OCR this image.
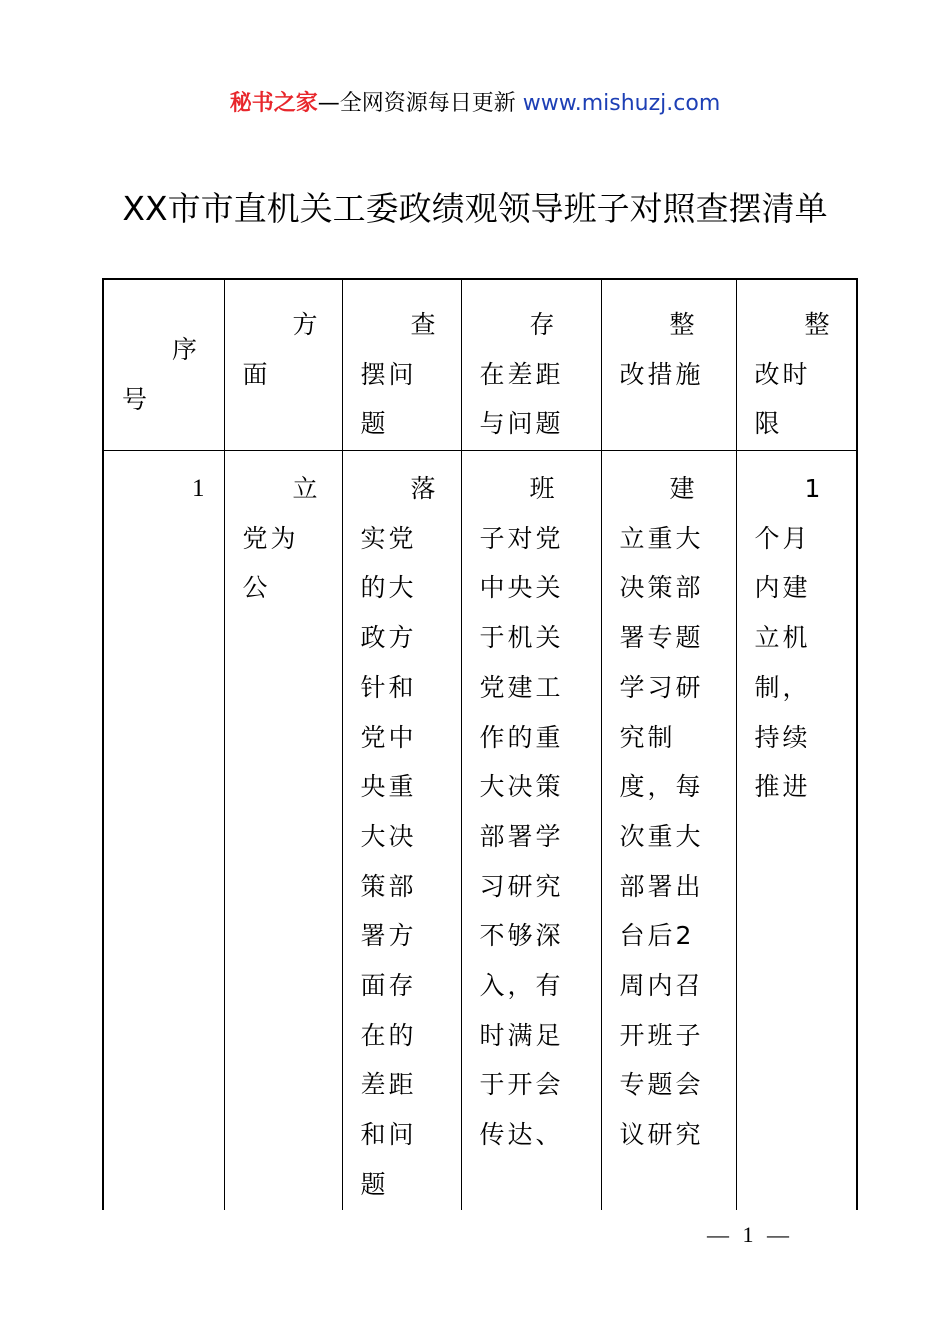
秘书之家—全网资源每日更新 www.mishuzj.com
XX市市直机关工委政绩观领导班子对照查摆清单
序号	方面	查摆问题	存在差距与问题	整改措施	整改时限

1	立党为公	落实党的大政方针和党中央重大决策部署方面存在的差距和问题	班子对党中央关于机关党建工作的重大决策部署学习研究不够深入，有时满足于开会传达、	建立重大决策部署专题学习研究制度，每次重大部署出台后2周内召开班子专题会议研究	1个月内建立机制，持续推进
— 1 —
